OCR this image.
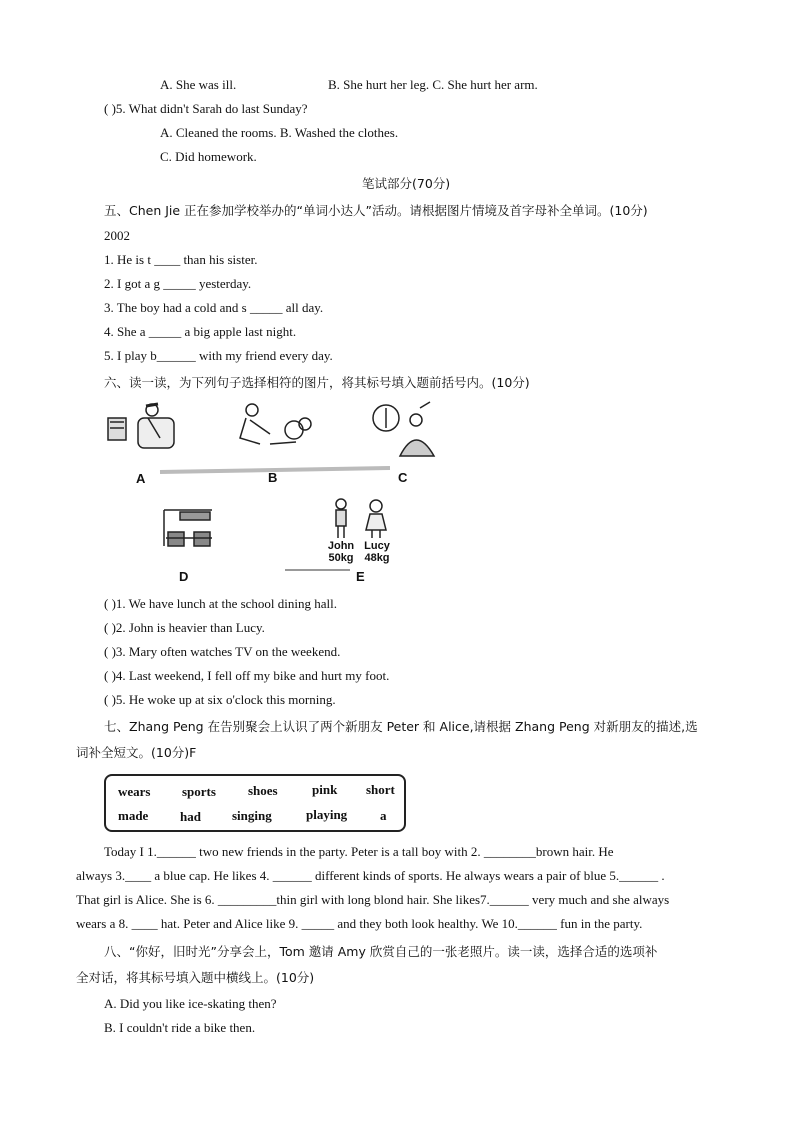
A. She was ill.	B. She hurt her leg. C. She hurt her arm.
( )5. What didn't Sarah do last Sunday?
A. Cleaned the rooms. B. Washed the clothes.
C. Did homework.
笔试部分(70分)
五、Chen Jie 正在参加学校举办的“单词小达人”活动。请根据图片情境及首字母补全单词。(10分)
2002
1. He is t ____ than his sister.
2. I got a g _____ yesterday.
3. The boy had a cold and s _____ all day.
4. She a _____ a big apple last night.
5. I play b______ with my friend every day.
六、读一读，为下列句子选择相符的图片，将其标号填入题前括号内。(10分)
A	B	C
D	E
John
50kg
Lucy
48kg
( )1. We have lunch at the school dining hall.
( )2. John is heavier than Lucy.
( )3. Mary often watches TV on the weekend.
( )4. Last weekend, I fell off my bike and hurt my foot.
( )5. He woke up at six o'clock this morning.
七、Zhang Peng 在告别聚会上认识了两个新朋友 Peter 和 Alice,请根据 Zhang Peng 对新朋友的描述,选
词补全短文。(10分)F
wears sports shoes	pink short
made had singing	playing	a
Today I 1.______ two new friends in the party. Peter is a tall boy with 2. ________brown hair. He
always 3.____ a blue cap. He likes 4. ______ different kinds of sports. He always wears a pair of blue 5.______ .
That girl is Alice. She is 6. _________thin girl with long blond hair. She likes7.______ very much and she always
wears a 8. ____ hat. Peter and Alice like 9. _____ and they both look healthy. We 10.______ fun in the party.
八、“你好，旧时光”分享会上，Tom 邀请 Amy 欣赏自己的一张老照片。读一读，选择合适的选项补
全对话，将其标号填入题中横线上。(10分)
A. Did you like ice-skating then?
B. I couldn't ride a bike then.
